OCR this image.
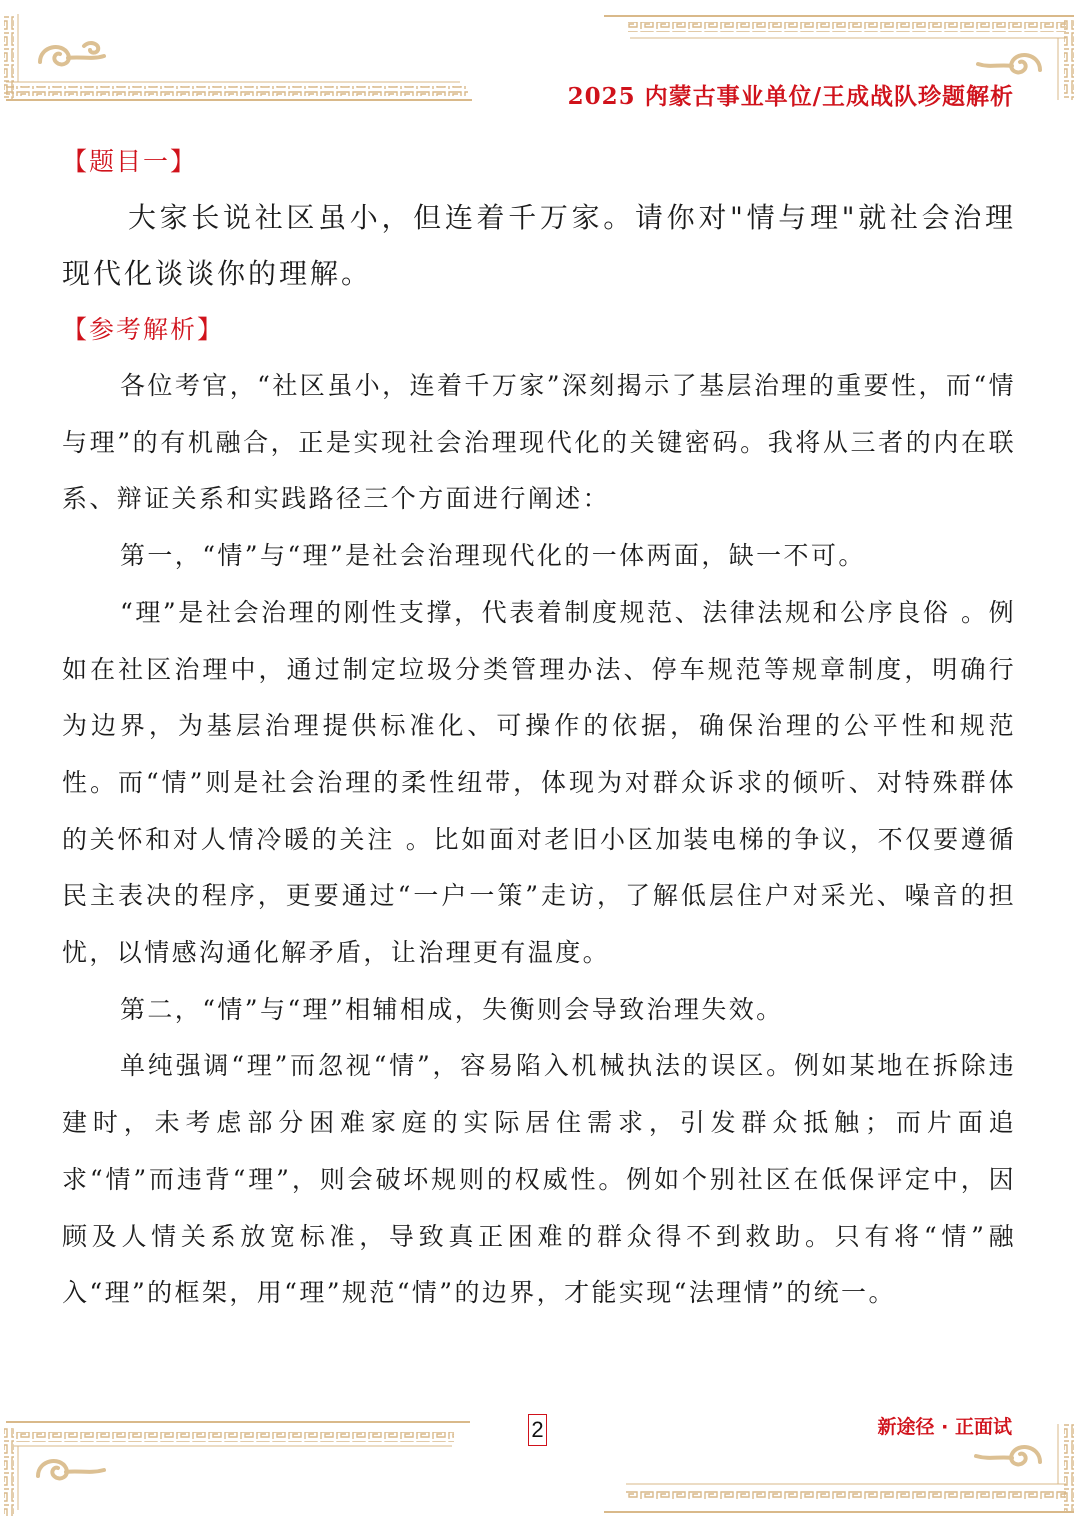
2025 内蒙古事业单位/王成战队珍题解析
【题目一】

大家长说社区虽小，但连着千万家。请你对"情与理"就社会治理现代化谈谈你的理解。

【参考解析】

各位考官，“社区虽小，连着千万家”深刻揭示了基层治理的重要性，而“情与理”的有机融合，正是实现社会治理现代化的关键密码。我将从三者的内在联系、辩证关系和实践路径三个方面进行阐述：

第一，“情”与“理”是社会治理现代化的一体两面，缺一不可。

“理”是社会治理的刚性支撑，代表着制度规范、法律法规和公序良俗 。例如在社区治理中，通过制定垃圾分类管理办法、停车规范等规章制度，明确行为边界，为基层治理提供标准化、可操作的依据，确保治理的公平性和规范性。而“情”则是社会治理的柔性纽带，体现为对群众诉求的倾听、对特殊群体的关怀和对人情冷暖的关注 。比如面对老旧小区加装电梯的争议，不仅要遵循民主表决的程序，更要通过“一户一策”走访，了解低层住户对采光、噪音的担忧，以情感沟通化解矛盾，让治理更有温度。

第二，“情”与“理”相辅相成，失衡则会导致治理失效。

单纯强调“理”而忽视“情”，容易陷入机械执法的误区。例如某地在拆除违建时，未考虑部分困难家庭的实际居住需求，引发群众抵触；而片面追求“情”而违背“理”，则会破坏规则的权威性。例如个别社区在低保评定中，因顾及人情关系放宽标准，导致真正困难的群众得不到救助。只有将“情”融入“理”的框架，用“理”规范“情”的边界，才能实现“法理情”的统一。

2	新途径 · 正面试
